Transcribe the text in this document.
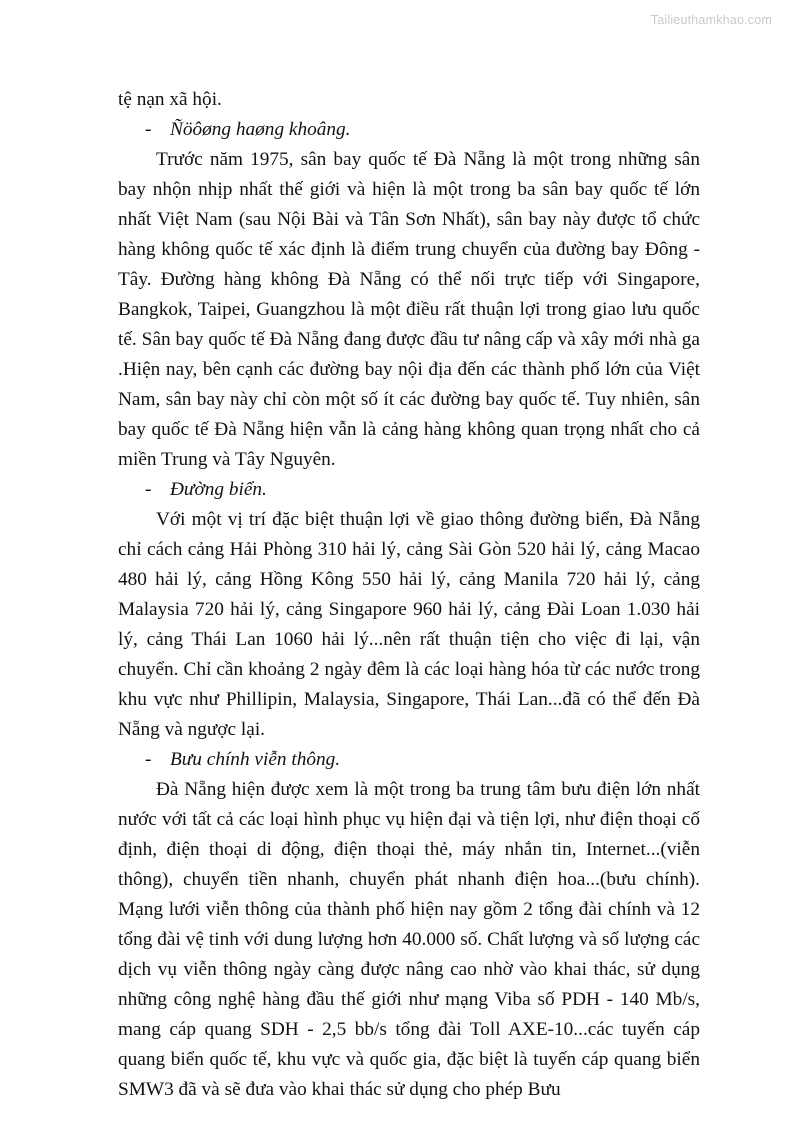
Tailieuthamkhao.com

tệ nạn xã hội.

- Ñöôøng haøng khoâng.

Trước năm 1975, sân bay quốc tế Đà Nẵng là một trong những sân bay nhộn nhịp nhất thế giới và hiện là một trong ba sân bay quốc tế lớn nhất Việt Nam (sau Nội Bài và Tân Sơn Nhất), sân bay này được tổ chức hàng không quốc tế xác định là điểm trung chuyển của đường bay Đông - Tây. Đường hàng không Đà Nẵng có thể nối trực tiếp với Singapore, Bangkok, Taipei, Guangzhou là một điều rất thuận lợi trong giao lưu quốc tế. Sân bay quốc tế Đà Nẵng đang được đầu tư nâng cấp và xây mới nhà ga .Hiện nay, bên cạnh các đường bay nội địa đến các thành phố lớn của Việt Nam, sân bay này chỉ còn một số ít các đường bay quốc tế. Tuy nhiên, sân bay quốc tế Đà Nẵng hiện vẫn là cảng hàng không quan trọng nhất cho cả miền Trung và Tây Nguyên.

- Đường biển.

Với một vị trí đặc biệt thuận lợi về giao thông đường biển, Đà Nẵng chỉ cách cảng Hải Phòng 310 hải lý, cảng Sài Gòn 520 hải lý, cảng Macao 480 hải lý, cảng Hồng Kông 550 hải lý, cảng Manila 720 hải lý, cảng Malaysia 720 hải lý, cảng Singapore 960 hải lý, cảng Đài Loan 1.030 hải lý, cảng Thái Lan 1060 hải lý...nên rất thuận tiện cho việc đi lại, vận chuyển. Chỉ cần khoảng 2 ngày đêm là các loại hàng hóa từ các nước trong khu vực như Phillipin, Malaysia, Singapore, Thái Lan...đã có thể đến Đà Nẵng và ngược lại.

- Bưu chính viễn thông.

Đà Nẵng hiện được xem là một trong ba trung tâm bưu điện lớn nhất nước với tất cả các loại hình phục vụ hiện đại và tiện lợi, như điện thoại cố định, điện thoại di động, điện thoại thẻ, máy nhắn tin, Internet...(viễn thông), chuyển tiền nhanh, chuyển phát nhanh điện hoa...(bưu chính). Mạng lưới viễn thông của thành phố hiện nay gồm 2 tổng đài chính và 12 tổng đài vệ tinh với dung lượng hơn 40.000 số. Chất lượng và số lượng các dịch vụ viễn thông ngày càng được nâng cao nhờ vào khai thác, sử dụng những công nghệ hàng đầu thế giới như mạng Viba số PDH - 140 Mb/s, mang cáp quang SDH - 2,5 bb/s tổng đài Toll AXE-10...các tuyến cáp quang biển quốc tế, khu vực và quốc gia, đặc biệt là tuyến cáp quang biển SMW3 đã và sẽ đưa vào khai thác sử dụng cho phép Bưu
